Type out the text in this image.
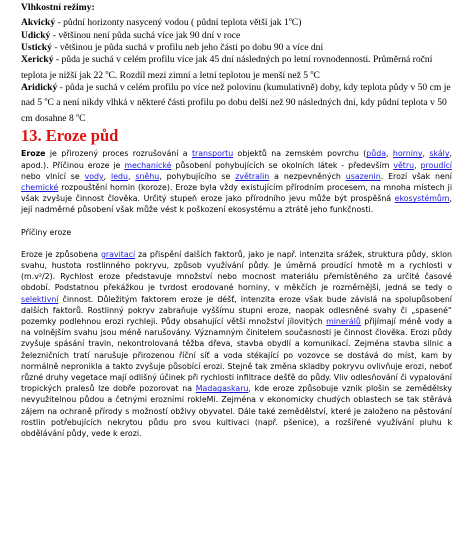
Vlhkostní režimy:

Akvický - půdní horizonty nasycený vodou ( půdní teplota větší jak 1$^o$C)

Udický - většinou není půda suchá více jak 90 dní v roce

Ustický - většinou je půda suchá v profilu neb jeho části po dobu 90 a více dní

Xerický - půda je suchá v celém profilu více jak 45 dní následných po letní rovnodennosti. Průměrná roční teplota je nižší jak 22 $^o$C. Rozdíl mezi zimní a letní teplotou je menší než 5 $^o$C

Aridický - půda je suchá v celém profilu po více než polovinu (kumulativně) doby, kdy teplota půdy v 50 cm je nad 5 $^o$C a není nikdy vlhká v některé části profilu po dobu delší než 90 následných dní, kdy půdní teplota v 50 cm dosahne 8 $^o$C

13. Eroze půd

Eroze je přirozený proces rozrušování a transportu objektů na zemském povrchu (půda, horniny, skály, apod.). Příčinou eroze je mechanické působení pohybujících se okolních látek - především větru, proudící nebo vlnící se vody, ledu, sněhu, pohybujícího se zvětralin a nezpevněných usazenin. Erozí však není chemické rozpouštění hornin (koroze). Eroze byla vždy existujícím přírodním procesem, na mnoha místech ji však zvyšuje činnost člověka. Určitý stupeň eroze jako přírodního jevu může být prospěšná ekosystémům, její nadměrné působení však může vést k poškození ekosystému a ztrátě jeho funkčnosti.

Příčiny eroze

Eroze je způsobena gravitací za přispění dalších faktorů, jako je např. intenzita srážek, struktura půdy, sklon svahu, hustota rostlinného pokryvu, způsob využívání půdy. Je úměrná proudící hmotě m a rychlosti v (m.v²/2). Rychlost eroze představuje množství nebo mocnost materiálu přemístěného za určité časové období. Podstatnou překážkou je tvrdost erodované horniny, v měkčích je rozměrnější, jedná se tedy o selektivní činnost. Důležitým faktorem eroze je déšť, intenzita eroze však bude závislá na spolupůsobení dalších faktorů. Rostlinný pokryv zabraňuje vyššímu stupni eroze, naopak odlesněné svahy či „spasené“ pozemky podlehnou erozi rychleji. Půdy obsahující větší množství jílovitých minerálů přijímají méně vody a na volnějším svahu jsou méně narušovány. Významným činitelem současnosti je činnost člověka. Erozi půdy zvyšuje spásání travin, nekontrolovaná těžba dřeva, stavba obydlí a komunikací. Zejména stavba silnic a železničních tratí narušuje přirozenou říční síť a voda stékající po vozovce se dostává do míst, kam by normálně nepronikla a takto zvyšuje působící erozi. Stejně tak změna skladby pokryvu ovlivňuje erozi, neboť různé druhy vegetace mají odlišný účinek při rychlosti infiltrace dešťě do půdy. Vliv odlesňování či vypalování tropických pralesů lze dobře pozorovat na Madagaskaru, kde eroze způsobuje vznik plošin se zemědělsky nevyužitelnou půdou a četnými erozními rokleMi. Zejména v ekonomicky chudých oblastech se tak stěrává zájem na ochraně přírody s možností obživy obyvatel. Dále také zemědělství, které je založeno na pěstování rostlin potřebujících nekrytou půdu pro svou kultivaci (např. pšenice), a rozšířené využívání pluhu k obdělávání půdy, vede k erozi.
